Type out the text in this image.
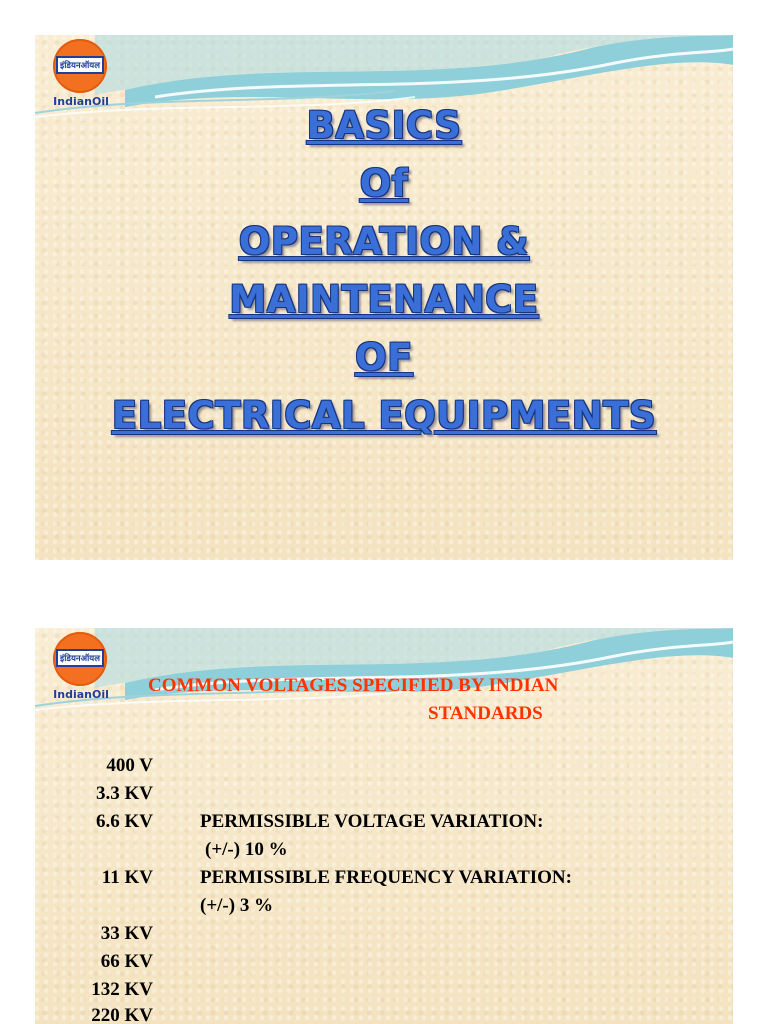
इंडियनऑयल
IndianOil

BASICS

Of

OPERATION &

MAINTENANCE

OF

ELECTRICAL EQUIPMENTS

इंडियनऑयल
IndianOil	COMMON VOLTAGES SPECIFIED BY INDIAN
STANDARDS
400 V
3.3 KV
6.6 KV
11 KV
33 KV
66 KV
132 KV
220 KV
PERMISSIBLE VOLTAGE VARIATION:
(+/-) 10 %
PERMISSIBLE FREQUENCY VARIATION:
(+/-) 3 %
